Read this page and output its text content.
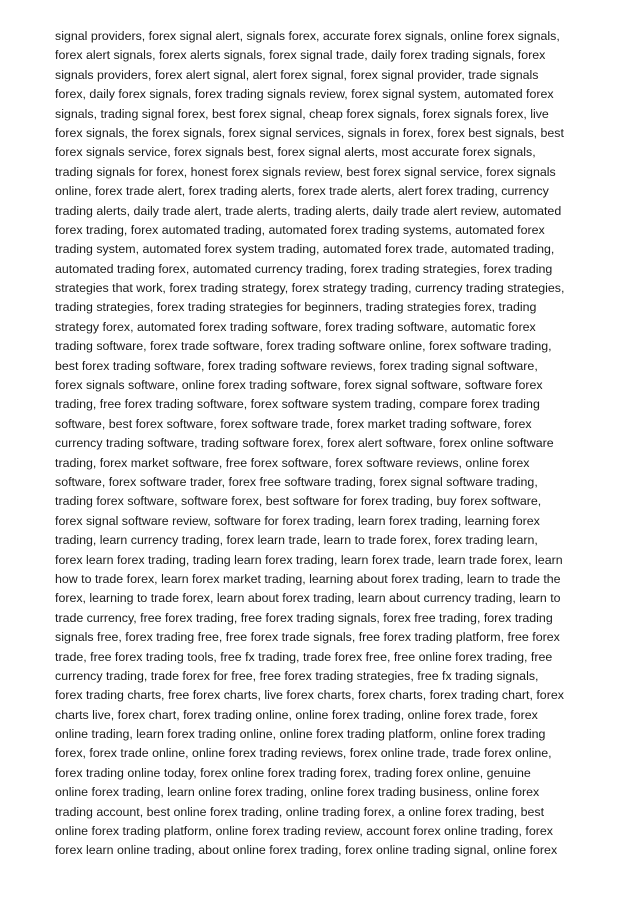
signal providers, forex signal alert, signals forex, accurate forex signals, online forex signals,
forex alert signals, forex alerts signals, forex signal trade, daily forex trading signals, forex
signals providers, forex alert signal, alert forex signal, forex signal provider, trade signals
forex, daily forex signals, forex trading signals review, forex signal system, automated forex
signals, trading signal forex, best forex signal, cheap forex signals, forex signals forex, live
forex signals, the forex signals, forex signal services, signals in forex, forex best signals, best
forex signals service, forex signals best, forex signal alerts, most accurate forex signals,
trading signals for forex, honest forex signals review, best forex signal service, forex signals
online, forex trade alert, forex trading alerts, forex trade alerts, alert forex trading, currency
trading alerts, daily trade alert, trade alerts, trading alerts, daily trade alert review, automated
forex trading, forex automated trading, automated forex trading systems, automated forex
trading system, automated forex system trading, automated forex trade, automated trading,
automated trading forex, automated currency trading, forex trading strategies, forex trading
strategies that work, forex trading strategy, forex strategy trading, currency trading strategies,
trading strategies, forex trading strategies for beginners, trading strategies forex, trading
strategy forex, automated forex trading software, forex trading software, automatic forex
trading software, forex trade software, forex trading software online, forex software trading,
best forex trading software, forex trading software reviews, forex trading signal software,
forex signals software, online forex trading software, forex signal software, software forex
trading, free forex trading software, forex software system trading, compare forex trading
software, best forex software, forex software trade, forex market trading software, forex
currency trading software, trading software forex, forex alert software, forex online software
trading, forex market software, free forex software, forex software reviews, online forex
software, forex software trader, forex free software trading, forex signal software trading,
trading forex software, software forex, best software for forex trading, buy forex software,
forex signal software review, software for forex trading, learn forex trading, learning forex
trading, learn currency trading, forex learn trade, learn to trade forex, forex trading learn,
forex learn forex trading, trading learn forex trading, learn forex trade, learn trade forex, learn
how to trade forex, learn forex market trading, learning about forex trading, learn to trade the
forex, learning to trade forex, learn about forex trading, learn about currency trading, learn to
trade currency, free forex trading, free forex trading signals, forex free trading, forex trading
signals free, forex trading free, free forex trade signals, free forex trading platform, free forex
trade, free forex trading tools, free fx trading, trade forex free, free online forex trading, free
currency trading, trade forex for free, free forex trading strategies, free fx trading signals,
forex trading charts, free forex charts, live forex charts, forex charts, forex trading chart, forex
charts live, forex chart, forex trading online, online forex trading, online forex trade, forex
online trading, learn forex trading online, online forex trading platform, online forex trading
forex, forex trade online, online forex trading reviews, forex online trade, trade forex online,
forex trading online today, forex online forex trading forex, trading forex online, genuine
online forex trading, learn online forex trading, online forex trading business, online forex
trading account, best online forex trading, online trading forex, a online forex trading, best
online forex trading platform, online forex trading review, account forex online trading, forex
forex learn online trading, about online forex trading, forex online trading signal, online forex
